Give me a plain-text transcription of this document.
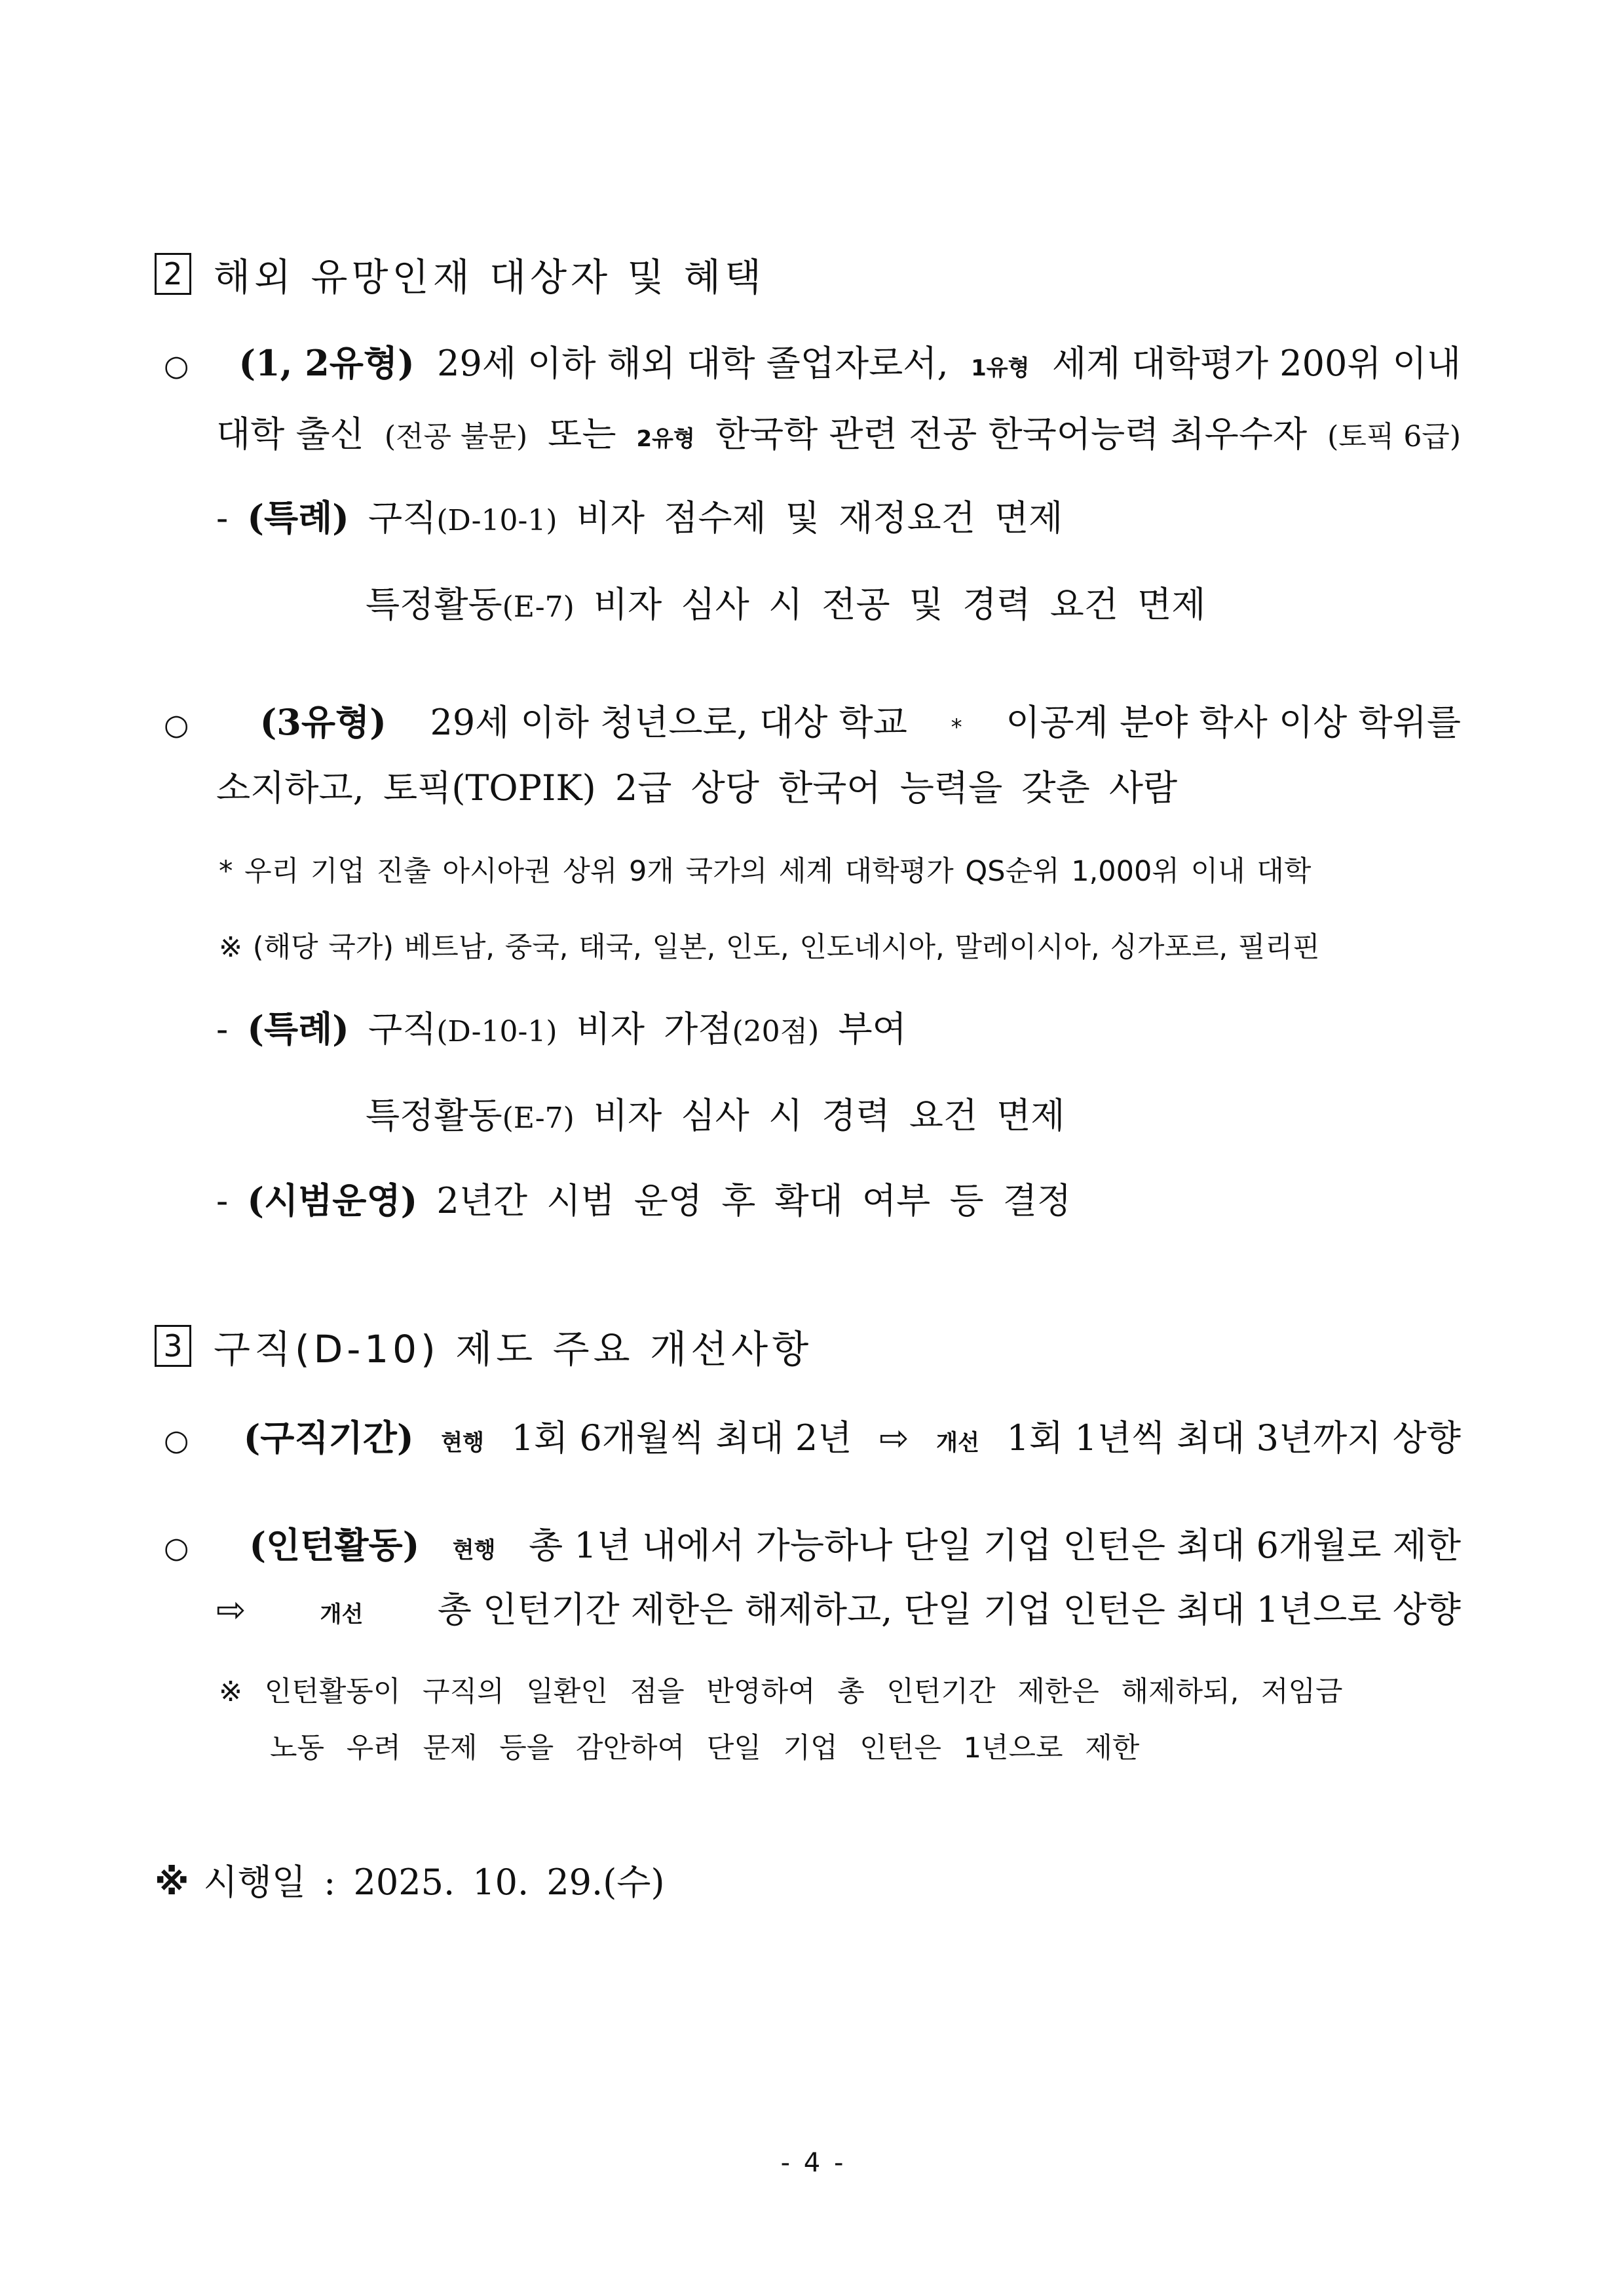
2 해외 유망인재 대상자 및 혜택
○	(1, 2유형) 29세 이하 해외 대학 졸업자로서, 1유형 세계 대학평가 200위 이내
대학 출신 (전공 불문) 또는 2유형 한국학 관련 전공 한국어능력 최우수자 (토픽 6급)
- (특례) 구직(D-10-1) 비자 점수제 및 재정요건 면제
특정활동(E-7) 비자 심사 시 전공 및 경력 요건 면제
○	(3유형) 29세 이하 청년으로, 대상 학교 * 이공계 분야 학사 이상 학위를
소지하고, 토픽(TOPIK) 2급 상당 한국어 능력을 갖춘 사람
* 우리 기업 진출 아시아권 상위 9개 국가의 세계 대학평가 QS순위 1,000위 이내 대학
※ (해당 국가) 베트남, 중국, 태국, 일본, 인도, 인도네시아, 말레이시아, 싱가포르, 필리핀
- (특례) 구직(D-10-1) 비자 가점(20점) 부여
특정활동(E-7) 비자 심사 시 경력 요건 면제
- (시범운영) 2년간 시범 운영 후 확대 여부 등 결정
3 구직(D-10) 제도 주요 개선사항
○	(구직기간) 현행 1회 6개월씩 최대 2년 ⇨ 개선 1회 1년씩 최대 3년까지 상향
○	(인턴활동) 현행 총 1년 내에서 가능하나 단일 기업 인턴은 최대 6개월로 제한
⇨	개선 총 인턴기간 제한은 해제하고, 단일 기업 인턴은 최대 1년으로 상향
※ 인턴활동이 구직의 일환인 점을 반영하여 총 인턴기간 제한은 해제하되, 저임금
노동 우려 문제 등을 감안하여 단일 기업 인턴은 1년으로 제한
※ 시행일 : 2025. 10. 29.(수)
- 4 -
